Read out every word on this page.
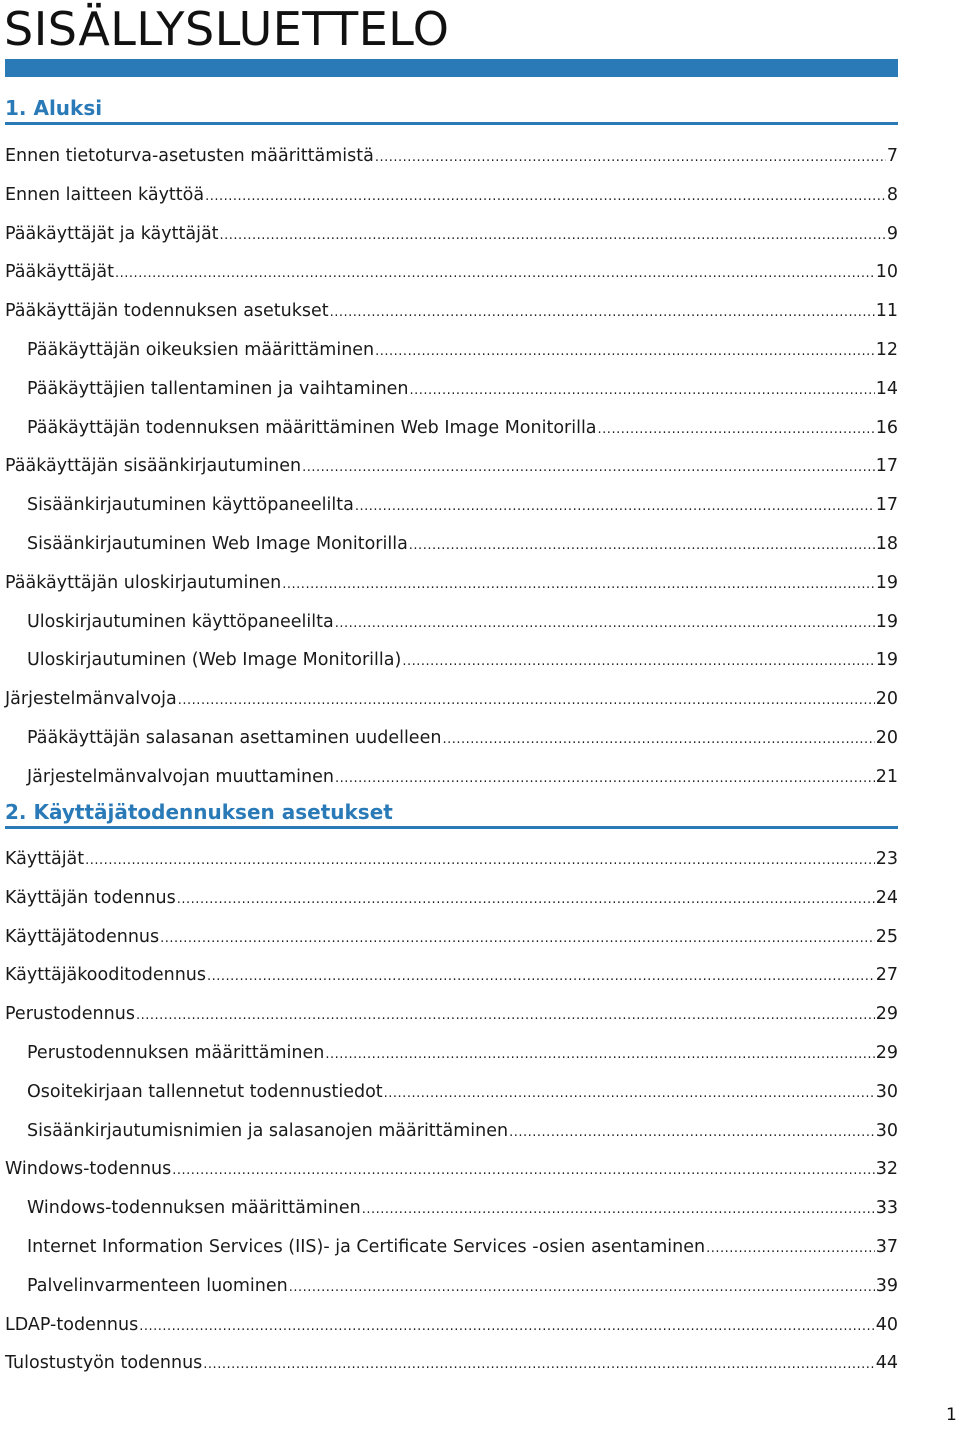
SISÄLLYSLUETTELO
1. Aluksi
Ennen tietoturva-asetusten määrittämistä .....	7
Ennen laitteen käyttöä .....	8
Pääkäyttäjät ja käyttäjät .....	9
Pääkäyttäjät .....	10
Pääkäyttäjän todennuksen asetukset .....	11
Pääkäyttäjän oikeuksien määrittäminen .....	12
Pääkäyttäjien tallentaminen ja vaihtaminen .....	14
Pääkäyttäjän todennuksen määrittäminen Web Image Monitorilla .....	16
Pääkäyttäjän sisäänkirjautuminen .....	17
Sisäänkirjautuminen käyttöpaneelilta .....	17
Sisäänkirjautuminen Web Image Monitorilla .....	18
Pääkäyttäjän uloskirjautuminen .....	19
Uloskirjautuminen käyttöpaneelilta .....	19
Uloskirjautuminen (Web Image Monitorilla) .....	19
Järjestelmänvalvoja .....	20
Pääkäyttäjän salasanan asettaminen uudelleen .....	20
Järjestelmänvalvojan muuttaminen .....	21
2. Käyttäjätodennuksen asetukset
Käyttäjät .....	23
Käyttäjän todennus .....	24
Käyttäjätodennus .....	25
Käyttäjäkooditodennus .....	27
Perustodennus .....	29
Perustodennuksen määrittäminen .....	29
Osoitekirjaan tallennetut todennustiedot .....	30
Sisäänkirjautumisnimien ja salasanojen määrittäminen .....	30
Windows-todennus .....	32
Windows-todennuksen määrittäminen .....	33
Internet Information Services (IIS)- ja Certificate Services -osien asentaminen .....	37
Palvelinvarmenteen luominen .....	39
LDAP-todennus .....	40
Tulostustyön todennus .....	44
1
